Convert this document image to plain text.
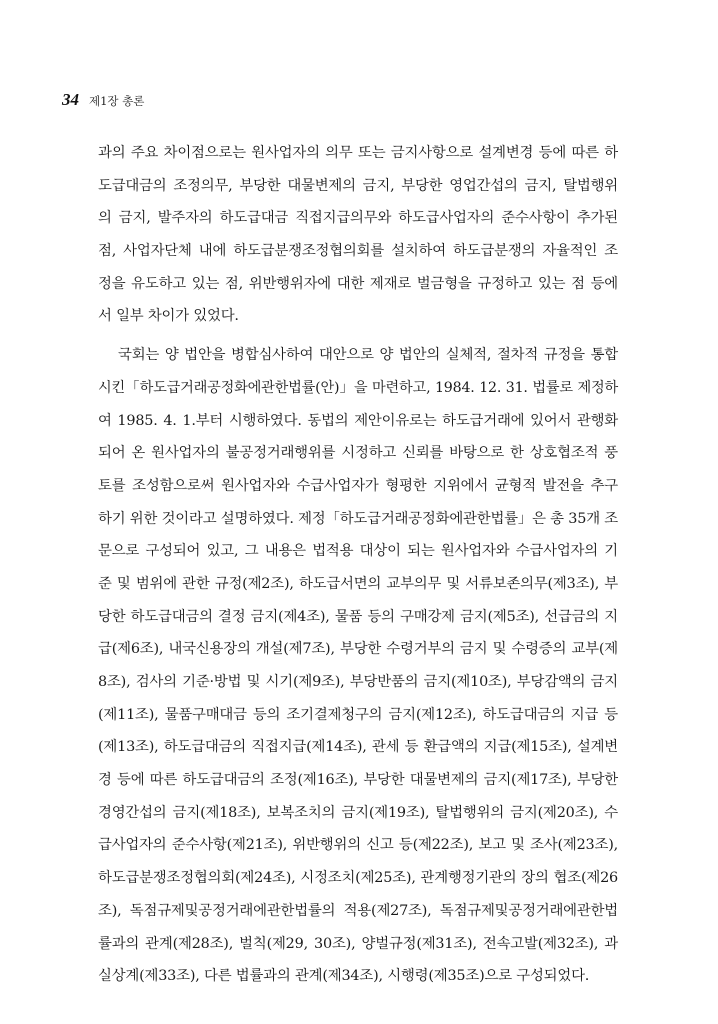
34 제1장 총론
과의 주요 차이점으로는 원사업자의 의무 또는 금지사항으로 설계변경 등에 따른 하
도급대금의 조정의무, 부당한 대물변제의 금지, 부당한 영업간섭의 금지, 탈법행위
의 금지, 발주자의 하도급대금 직접지급의무와 하도급사업자의 준수사항이 추가된
점, 사업자단체 내에 하도급분쟁조정협의회를 설치하여 하도급분쟁의 자율적인 조
정을 유도하고 있는 점, 위반행위자에 대한 제재로 벌금형을 규정하고 있는 점 등에
서 일부 차이가 있었다.
국회는 양 법안을 병합심사하여 대안으로 양 법안의 실체적, 절차적 규정을 통합
시킨「하도급거래공정화에관한법률(안)」을 마련하고, 1984. 12. 31. 법률로 제정하
여 1985. 4. 1.부터 시행하였다. 동법의 제안이유로는 하도급거래에 있어서 관행화
되어 온 원사업자의 불공정거래행위를 시정하고 신뢰를 바탕으로 한 상호협조적 풍
토를 조성함으로써 원사업자와 수급사업자가 형평한 지위에서 균형적 발전을 추구
하기 위한 것이라고 설명하였다. 제정「하도급거래공정화에관한법률」은 총 35개 조
문으로 구성되어 있고, 그 내용은 법적용 대상이 되는 원사업자와 수급사업자의 기
준 및 범위에 관한 규정(제2조), 하도급서면의 교부의무 및 서류보존의무(제3조), 부
당한 하도급대금의 결정 금지(제4조), 물품 등의 구매강제 금지(제5조), 선급금의 지
급(제6조), 내국신용장의 개설(제7조), 부당한 수령거부의 금지 및 수령증의 교부(제
8조), 검사의 기준·방법 및 시기(제9조), 부당반품의 금지(제10조), 부당감액의 금지
(제11조), 물품구매대금 등의 조기결제청구의 금지(제12조), 하도급대금의 지급 등
(제13조), 하도급대금의 직접지급(제14조), 관세 등 환급액의 지급(제15조), 설계변
경 등에 따른 하도급대금의 조정(제16조), 부당한 대물변제의 금지(제17조), 부당한
경영간섭의 금지(제18조), 보복조치의 금지(제19조), 탈법행위의 금지(제20조), 수
급사업자의 준수사항(제21조), 위반행위의 신고 등(제22조), 보고 및 조사(제23조),
하도급분쟁조정협의회(제24조), 시정조치(제25조), 관계행정기관의 장의 협조(제26
조), 독점규제및공정거래에관한법률의 적용(제27조), 독점규제및공정거래에관한법
률과의 관계(제28조), 벌칙(제29, 30조), 양벌규정(제31조), 전속고발(제32조), 과
실상계(제33조), 다른 법률과의 관계(제34조), 시행령(제35조)으로 구성되었다.
